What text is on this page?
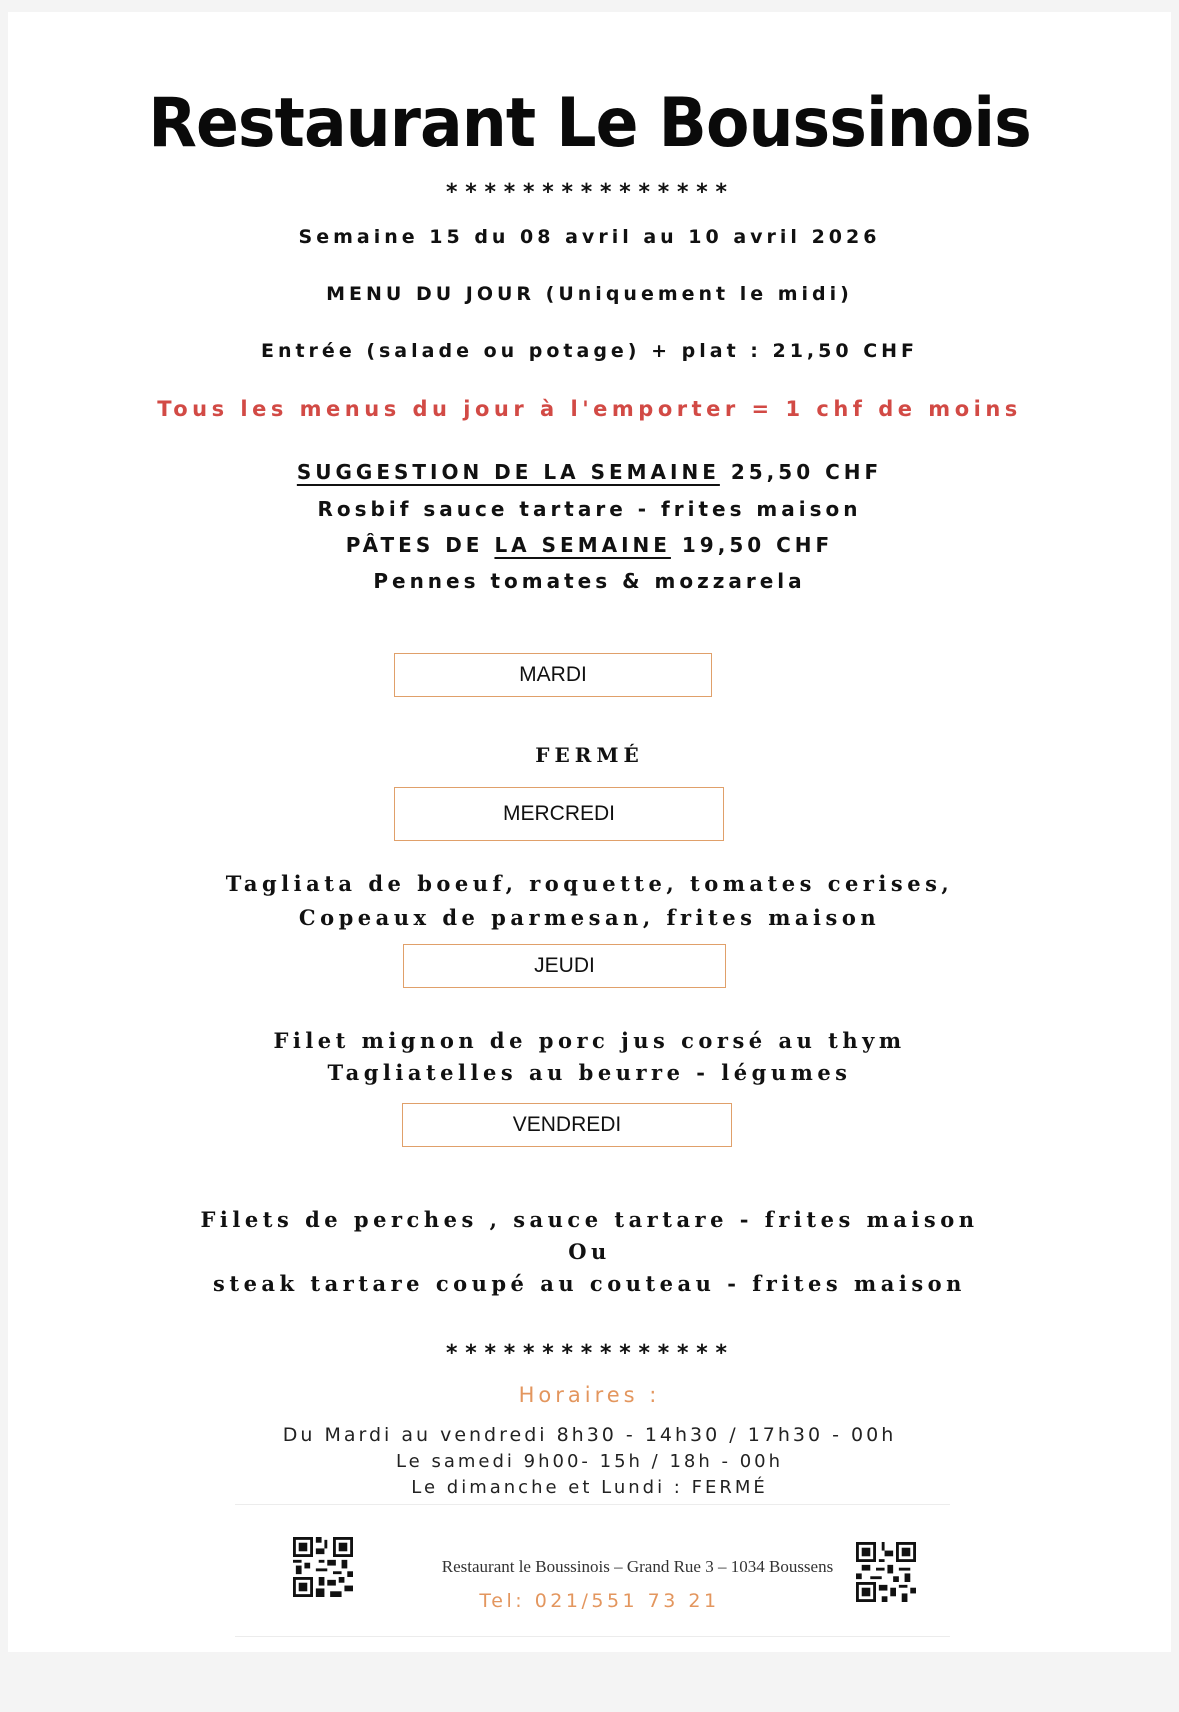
Restaurant Le Boussinois
***************
Semaine 15 du 08 avril au 10 avril 2026
MENU DU JOUR (Uniquement le midi)
Entrée (salade ou potage) + plat : 21,50 CHF
Tous les menus du jour à l'emporter = 1 chf de moins
SUGGESTION DE LA SEMAINE 25,50 CHF
Rosbif sauce tartare - frites maison
PÂTES DE LA SEMAINE 19,50 CHF
Pennes tomates & mozzarela
MARDI
FERMÉ
MERCREDI
Tagliata de boeuf, roquette, tomates cerises,
Copeaux de parmesan, frites maison
JEUDI
Filet mignon de porc jus corsé au thym
Tagliatelles au beurre - légumes
VENDREDI
Filets de perches , sauce tartare - frites maison
Ou
steak tartare coupé au couteau - frites maison
***************
Horaires :
Du Mardi au vendredi 8h30 - 14h30 / 17h30 - 00h
Le samedi 9h00- 15h / 18h - 00h
Le dimanche et Lundi : FERMÉ
Restaurant le Boussinois – Grand Rue 3 – 1034 Boussens
Tel: 021/551 73 21
